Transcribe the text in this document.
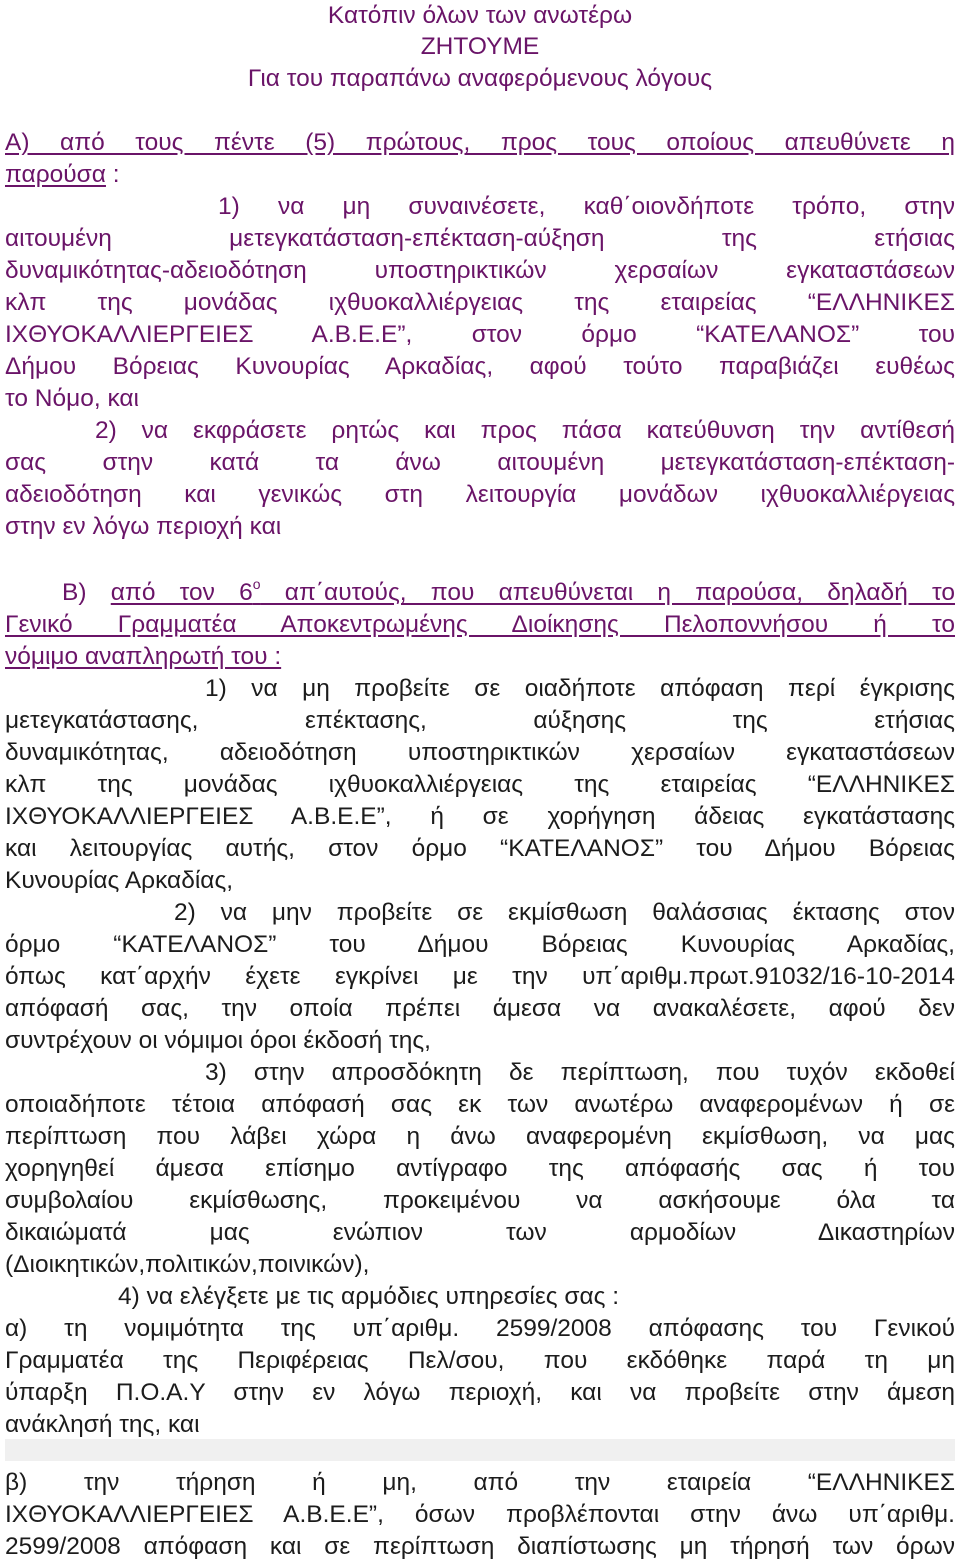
Κατόπιν όλων των ανωτέρω
ΖΗΤΟΥΜΕ
Για του παραπάνω αναφερόμενους λόγους
Α) από τους πέντε (5) πρώτους, προς τους οποίους απευθύνετε η
παρούσα :
1) να μη συναινέσετε, καθ΄οιονδήποτε τρόπο, στην
αιτουμένη μετεγκατάσταση-επέκταση-αύξηση της ετήσιας
δυναμικότητας-αδειοδότηση υποστηρικτικών χερσαίων εγκαταστάσεων
κλπ της μονάδας ιχθυοκαλλιέργειας της εταιρείας “ΕΛΛΗΝΙΚΕΣ
ΙΧΘΥΟΚΑΛΛΙΕΡΓΕΙΕΣ Α.Β.Ε.Ε”, στον όρμο “ΚΑΤΕΛΑΝΟΣ” του
Δήμου Βόρειας Κυνουρίας Αρκαδίας, αφού τούτο παραβιάζει ευθέως
το Νόμο, και
2) να εκφράσετε ρητώς και προς πάσα κατεύθυνση την αντίθεσή
σας στην κατά τα άνω αιτουμένη μετεγκατάσταση-επέκταση-
αδειοδότηση και γενικώς στη λειτουργία μονάδων ιχθυοκαλλιέργειας
στην εν λόγω περιοχή και
Β) από τον $6^o$ απ΄αυτούς, που απευθύνεται η παρούσα, δηλαδή το
Γενικό Γραμματέα Αποκεντρωμένης Διοίκησης Πελοποννήσου ή το
νόμιμο αναπληρωτή του :
1) να μη προβείτε σε οιαδήποτε απόφαση περί έγκρισης
μετεγκατάστασης, επέκτασης, αύξησης της ετήσιας
δυναμικότητας, αδειοδότηση υποστηρικτικών χερσαίων εγκαταστάσεων
κλπ της μονάδας ιχθυοκαλλιέργειας της εταιρείας “ΕΛΛΗΝΙΚΕΣ
ΙΧΘΥΟΚΑΛΛΙΕΡΓΕΙΕΣ Α.Β.Ε.Ε”, ή σε χορήγηση άδειας εγκατάστασης
και λειτουργίας αυτής, στον όρμο “ΚΑΤΕΛΑΝΟΣ” του Δήμου Βόρειας
Κυνουρίας Αρκαδίας,
2) να μην προβείτε σε εκμίσθωση θαλάσσιας έκτασης στον
όρμο “ΚΑΤΕΛΑΝΟΣ” του Δήμου Βόρειας Κυνουρίας Αρκαδίας,
όπως κατ΄αρχήν έχετε εγκρίνει με την υπ΄αριθμ.πρωτ.91032/16-10-2014
απόφασή σας, την οποία πρέπει άμεσα να ανακαλέσετε, αφού δεν
συντρέχουν οι νόμιμοι όροι έκδοσή της,
3) στην απροσδόκητη δε περίπτωση, που τυχόν εκδοθεί
οποιαδήποτε τέτοια απόφασή σας εκ των ανωτέρω αναφερομένων ή σε
περίπτωση που λάβει χώρα η άνω αναφερομένη εκμίσθωση, να μας
χορηγηθεί άμεσα επίσημο αντίγραφο της απόφασής σας ή του
συμβολαίου εκμίσθωσης, προκειμένου να ασκήσουμε όλα τα
δικαιώματά μας ενώπιον των αρμοδίων Δικαστηρίων
(Διοικητικών,πολιτικών,ποινικών),
4) να ελέγξετε με τις αρμόδιες υπηρεσίες σας :
α) τη νομιμότητα της υπ΄αριθμ. 2599/2008 απόφασης του Γενικού
Γραμματέα της Περιφέρειας Πελ/σου, που εκδόθηκε παρά τη μη
ύπαρξη Π.Ο.Α.Υ στην εν λόγω περιοχή, και να προβείτε στην άμεση
ανάκλησή της, και
β) την τήρηση ή μη, από την εταιρεία “ΕΛΛΗΝΙΚΕΣ
ΙΧΘΥΟΚΑΛΛΙΕΡΓΕΙΕΣ Α.Β.Ε.Ε”, όσων προβλέπονται στην άνω υπ΄αριθμ.
2599/2008 απόφαση και σε περίπτωση διαπίστωσης μη τήρησή των όρων
